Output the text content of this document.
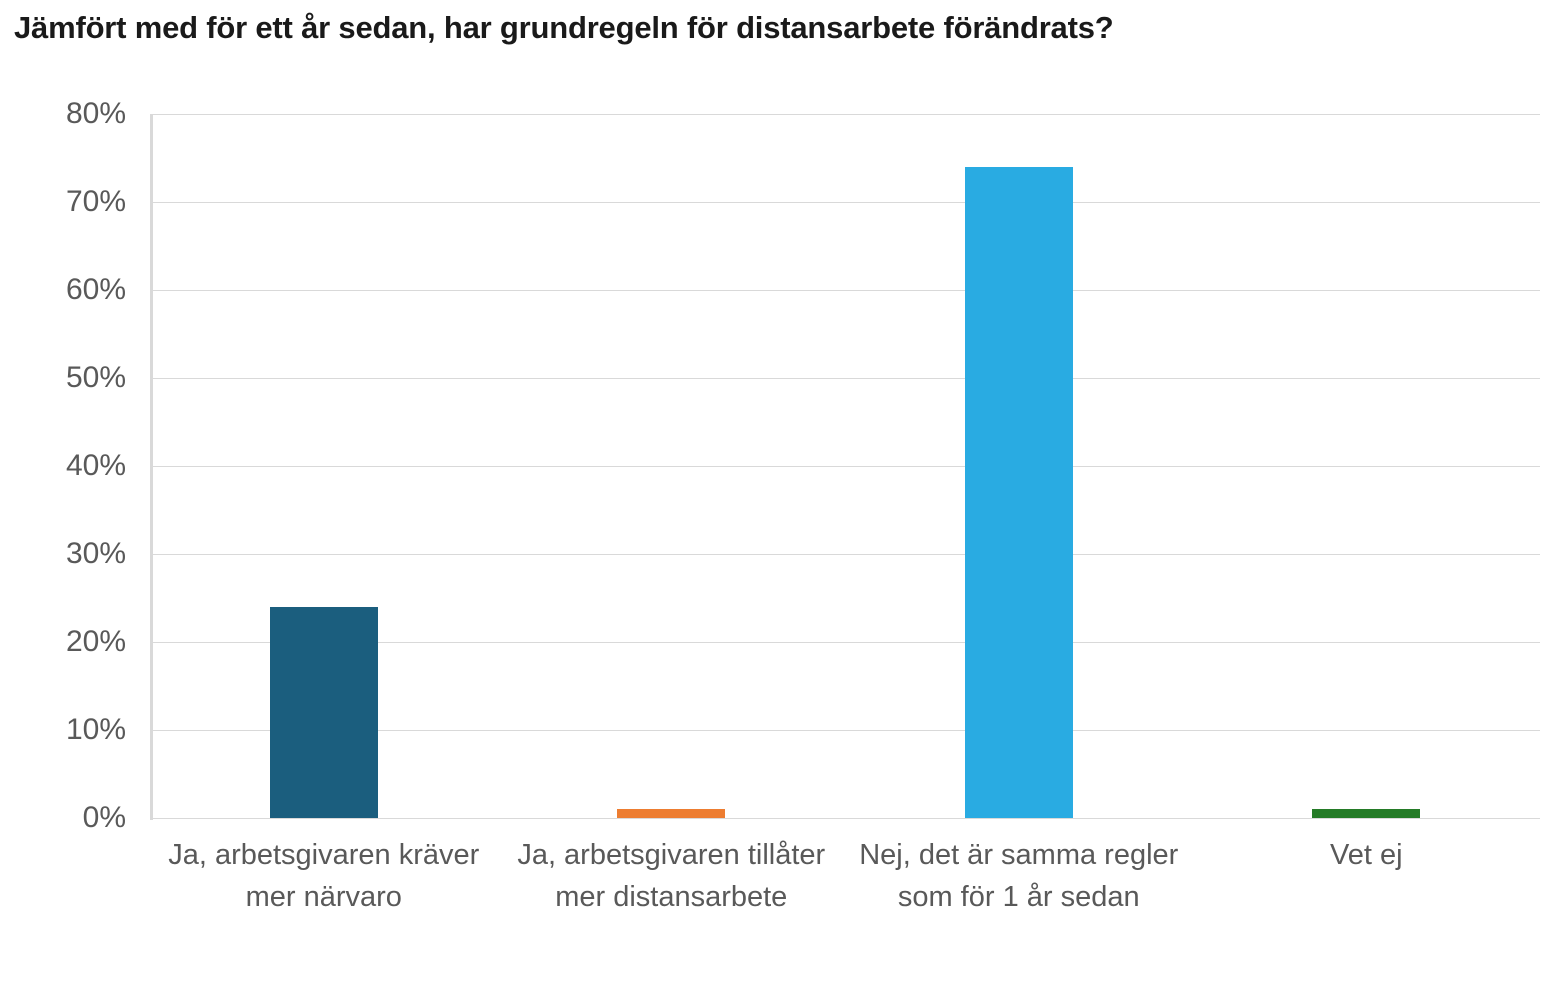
Jämfört med för ett år sedan, har grundregeln för distansarbete förändrats?
0%
10%
20%
30%
40%
50%
60%
70%
80%
Ja, arbetsgivaren kräver mer närvaro
Ja, arbetsgivaren tillåter mer distansarbete
Nej, det är samma regler som för 1 år sedan
Vet ej
